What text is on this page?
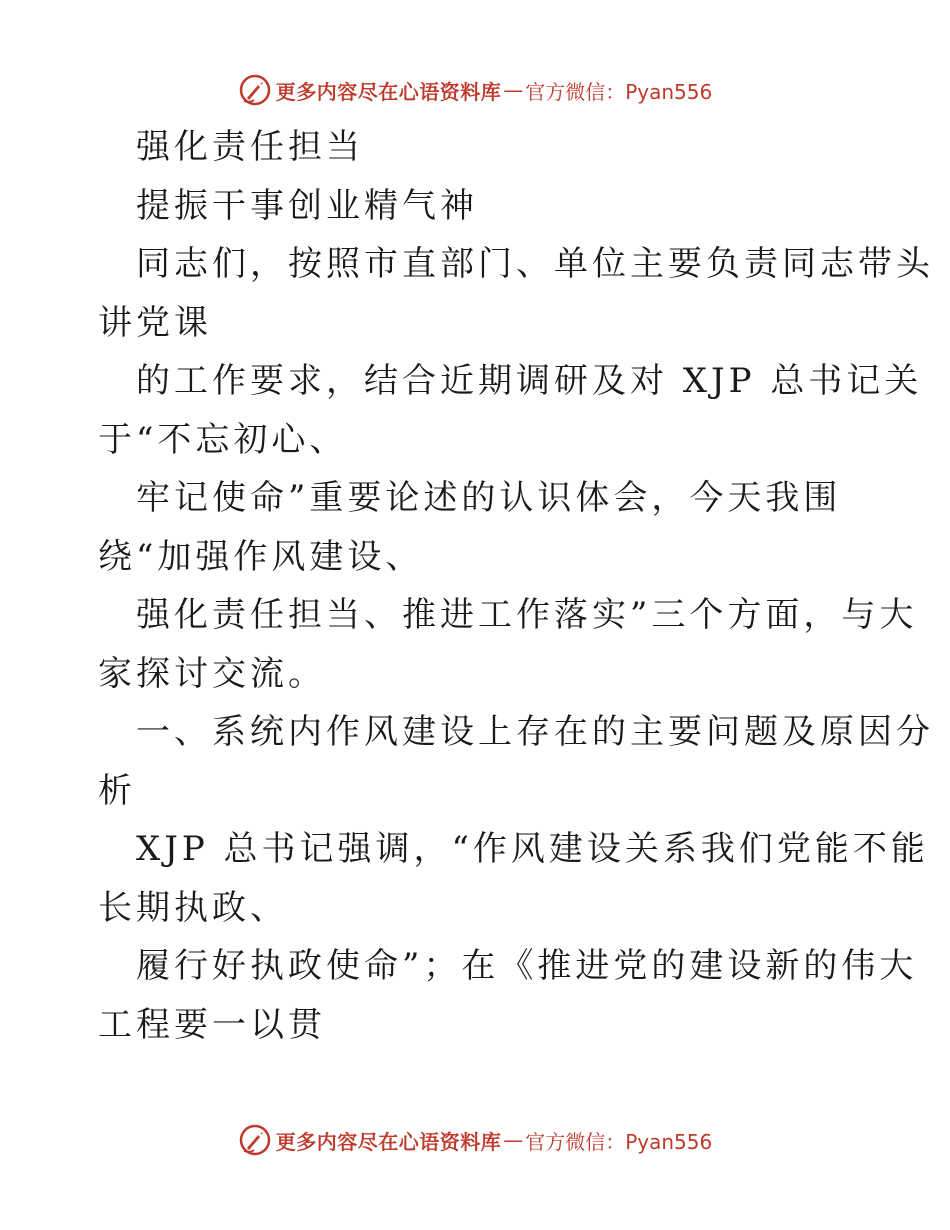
更多内容尽在心语资料库 — 官方微信：Pyan556
强化责任担当
提振干事创业精气神
同志们，按照市直部门、单位主要负责同志带头
讲党课
的工作要求，结合近期调研及对 XJP 总书记关
于“不忘初心、
牢记使命”重要论述的认识体会，今天我围
绕“加强作风建设、
强化责任担当、推进工作落实”三个方面，与大
家探讨交流。
一、系统内作风建设上存在的主要问题及原因分
析
XJP 总书记强调，“作风建设关系我们党能不能
长期执政、
履行好执政使命”；在《推进党的建设新的伟大
工程要一以贯
更多内容尽在心语资料库 — 官方微信：Pyan556
